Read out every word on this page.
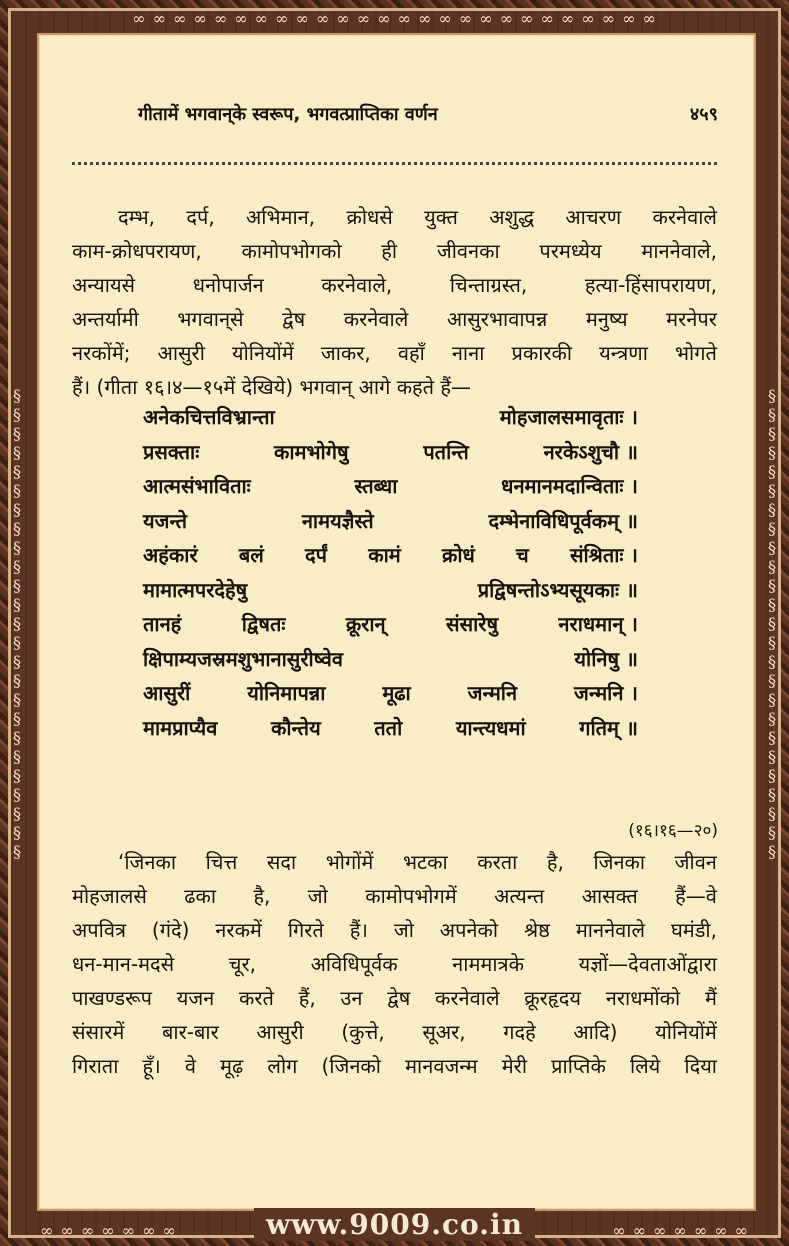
∞ ∞ ∞ ∞ ∞ ∞ ∞ ∞ ∞ ∞ ∞ ∞ ∞ ∞ ∞ ∞ ∞ ∞ ∞ ∞ ∞ ∞ ∞ ∞ ∞ ∞
§
§
§
§
§
§
§
§
§
§
§
§
§
§
§
§
§
§
§
§
§
§
§
§
§
§
§
§
§
§
§
§
§
§
§
§
§
§
§
§
§
§
§
§
§
§
§
§
§
§
∞ ∞ ∞ ∞ ∞ ∞ ∞	∞ ∞ ∞ ∞ ∞ ∞ ∞
गीतामें भगवान्‌के स्वरूप, भगवत्प्राप्तिका वर्णन	४५९
दम्भ, दर्प, अभिमान, क्रोधसे युक्त अशुद्ध आचरण करनेवाले
काम-क्रोधपरायण, कामोपभोगको ही जीवनका परमध्येय माननेवाले,
अन्यायसे	धनोपार्जन	करनेवाले,	चिन्ताग्रस्त,	हत्या-हिंसापरायण,
अन्तर्यामी भगवान्‌से द्वेष करनेवाले आसुरभावापन्न मनुष्य मरनेपर
नरकोंमें; आसुरी योनियोंमें जाकर, वहाँ नाना प्रकारकी यन्त्रणा भोगते
हैं। (गीता १६।४—१५में देखिये) भगवान् आगे कहते हैं—
अनेकचित्तविभ्रान्ता	मोहजालसमावृताः ।
प्रसक्ताः	कामभोगेषु	पतन्ति	नरकेऽशुचौ ॥
आत्मसंभाविताः	स्तब्धा	धनमानमदान्विताः ।
यजन्ते	नामयज्ञैस्ते	दम्भेनाविधिपूर्वकम् ॥
अहंकारं बलं दर्पं कामं क्रोधं च संश्रिताः ।
मामात्मपरदेहेषु	प्रद्विषन्तोऽभ्यसूयकाः ॥
तानहं	द्विषतः	क्रूरान्	संसारेषु	नराधमान् ।
क्षिपाम्यजस्रमशुभानासुरीष्वेव	योनिषु ॥
आसुरीं	योनिमापन्ना	मूढा	जन्मनि	जन्मनि ।
मामप्राप्यैव	कौन्तेय	ततो	यान्त्यधमां	गतिम् ॥
(१६।१६—२०)
‘जिनका चित्त सदा भोगोंमें भटका करता है, जिनका जीवन
मोहजालसे ढका है, जो कामोपभोगमें अत्यन्त आसक्त हैं—वे
अपवित्र (गंदे) नरकमें गिरते हैं। जो अपनेको श्रेष्ठ माननेवाले घमंडी,
धन-मान-मदसे	चूर,	अविधिपूर्वक	नाममात्रके	यज्ञों—देवताओंद्वारा
पाखण्डरूप यजन करते हैं, उन द्वेष करनेवाले क्रूरहृदय नराधमोंको मैं
संसारमें बार-बार आसुरी (कुत्ते, सूअर, गदहे आदि) योनियोंमें
गिराता हूँ। वे मूढ़ लोग (जिनको मानवजन्म मेरी प्राप्तिके लिये दिया
www.9009.co.in
